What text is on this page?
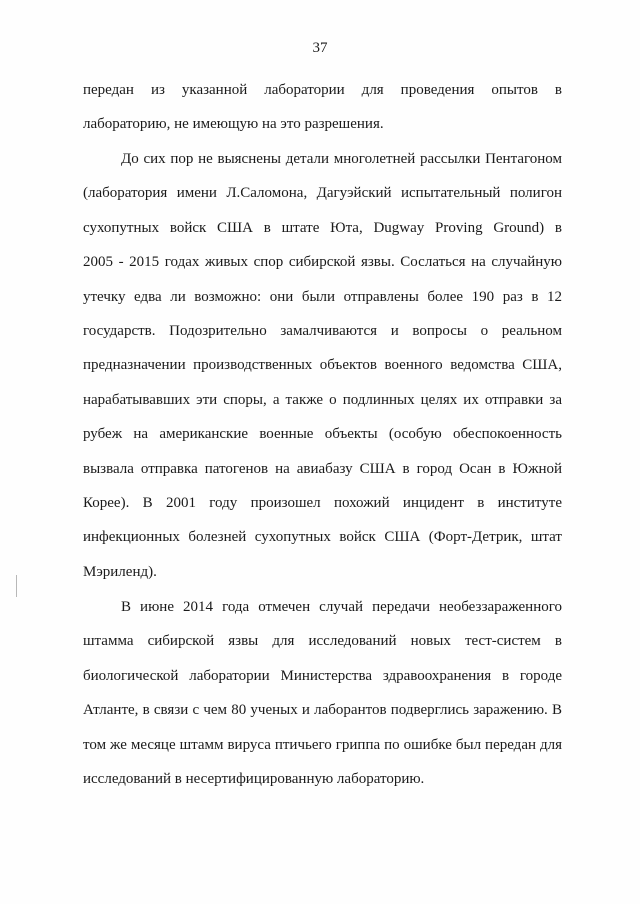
37
передан из указанной лаборатории для проведения опытов в
лабораторию, не имеющую на это разрешения.
До сих пор не выяснены детали многолетней рассылки Пентагоном
(лаборатория имени Л.Саломона, Дагуэйский испытательный полигон
сухопутных войск США в штате Юта, Dugway Proving Ground) в
2005 - 2015 годах живых спор сибирской язвы. Сослаться на случайную
утечку едва ли возможно: они были отправлены более 190 раз в 12
государств. Подозрительно замалчиваются и вопросы о реальном
предназначении производственных объектов военного ведомства США,
нарабатывавших эти споры, а также о подлинных целях их отправки за
рубеж на американские военные объекты (особую обеспокоенность
вызвала отправка патогенов на авиабазу США в город Осан в Южной
Корее). В 2001 году произошел похожий инцидент в институте
инфекционных болезней сухопутных войск США (Форт-Детрик, штат
Мэриленд).
В июне 2014 года отмечен случай передачи необеззараженного
штамма сибирской язвы для исследований новых тест-систем в
биологической лаборатории Министерства здравоохранения в городе
Атланте, в связи с чем 80 ученых и лаборантов подверглись заражению. В
том же месяце штамм вируса птичьего гриппа по ошибке был передан для
исследований в несертифицированную лабораторию.
